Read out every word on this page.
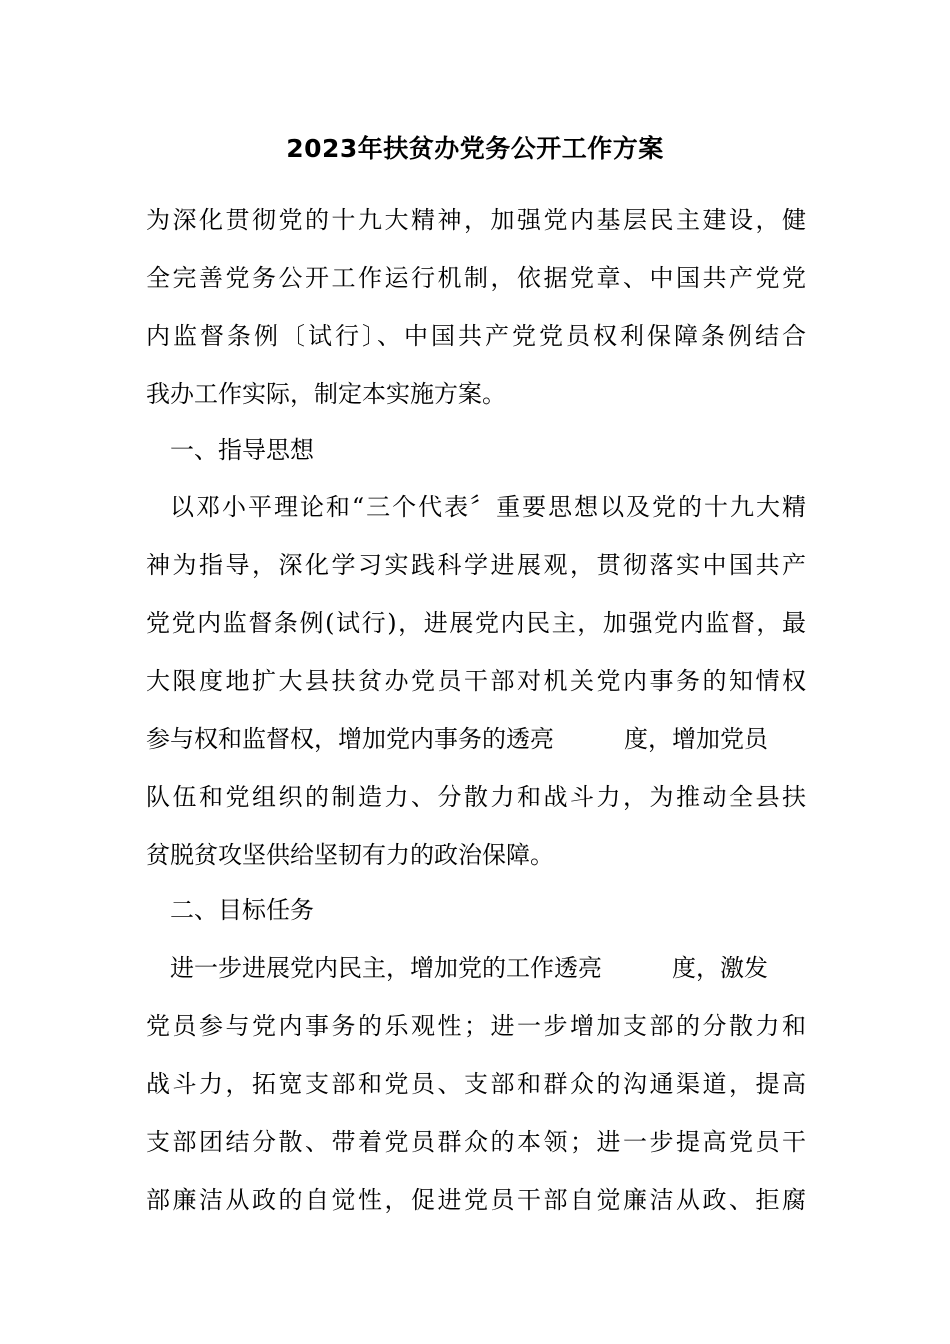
2023年扶贫办党务公开工作方案

为深化贯彻党的十九大精神，加强党内基层民主建设，健

全完善党务公开工作运行机制，依据党章、中国共产党党

内监督条例〔试行〕、中国共产党党员权利保障条例结合

我办工作实际，制定本实施方案。

一、指导思想

以邓小平理论和“三个代表〞重要思想以及党的十九大精

神为指导，深化学习实践科学进展观，贯彻落实中国共产

党党内监督条例(试行)，进展党内民主，加强党内监督，最

大限度地扩大县扶贫办党员干部对机关党内事务的知情权

参与权和监督权，增加党内事务的透亮	度，增加党员

队伍和党组织的制造力、分散力和战斗力，为推动全县扶

贫脱贫攻坚供给坚韧有力的政治保障。

二、目标任务

进一步进展党内民主，增加党的工作透亮	度，激发

党员参与党内事务的乐观性；进一步增加支部的分散力和

战斗力，拓宽支部和党员、支部和群众的沟通渠道，提高

支部团结分散、带着党员群众的本领；进一步提高党员干

部廉洁从政的自觉性，促进党员干部自觉廉洁从政、拒腐
